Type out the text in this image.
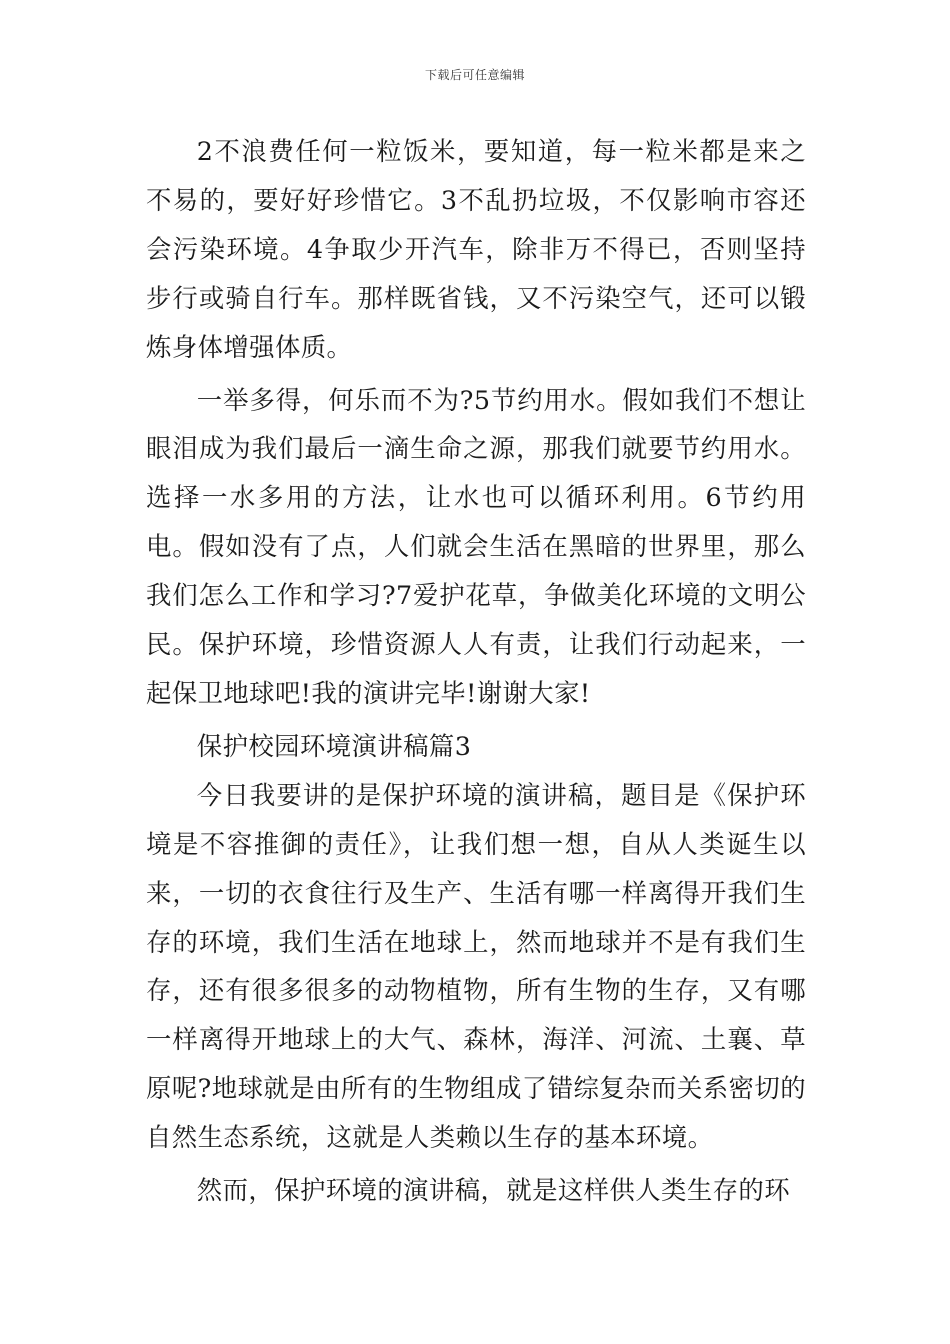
下载后可任意编辑

2不浪费任何一粒饭米，要知道，每一粒米都是来之不易的，要好好珍惜它。3不乱扔垃圾，不仅影响市容还会污染环境。4争取少开汽车，除非万不得已，否则坚持步行或骑自行车。那样既省钱，又不污染空气，还可以锻炼身体增强体质。

一举多得，何乐而不为?5节约用水。假如我们不想让眼泪成为我们最后一滴生命之源，那我们就要节约用水。选择一水多用的方法，让水也可以循环利用。6节约用电。假如没有了点，人们就会生活在黑暗的世界里，那么我们怎么工作和学习?7爱护花草，争做美化环境的文明公民。保护环境，珍惜资源人人有责，让我们行动起来，一起保卫地球吧!我的演讲完毕!谢谢大家!

保护校园环境演讲稿篇3

今日我要讲的是保护环境的演讲稿，题目是《保护环境是不容推御的责任》，让我们想一想，自从人类诞生以来，一切的衣食往行及生产、生活有哪一样离得开我们生存的环境，我们生活在地球上，然而地球并不是有我们生存，还有很多很多的动物植物，所有生物的生存，又有哪一样离得开地球上的大气、森林，海洋、河流、土襄、草原呢?地球就是由所有的生物组成了错综复杂而关系密切的自然生态系统，这就是人类赖以生存的基本环境。

然而，保护环境的演讲稿，就是这样供人类生存的环
